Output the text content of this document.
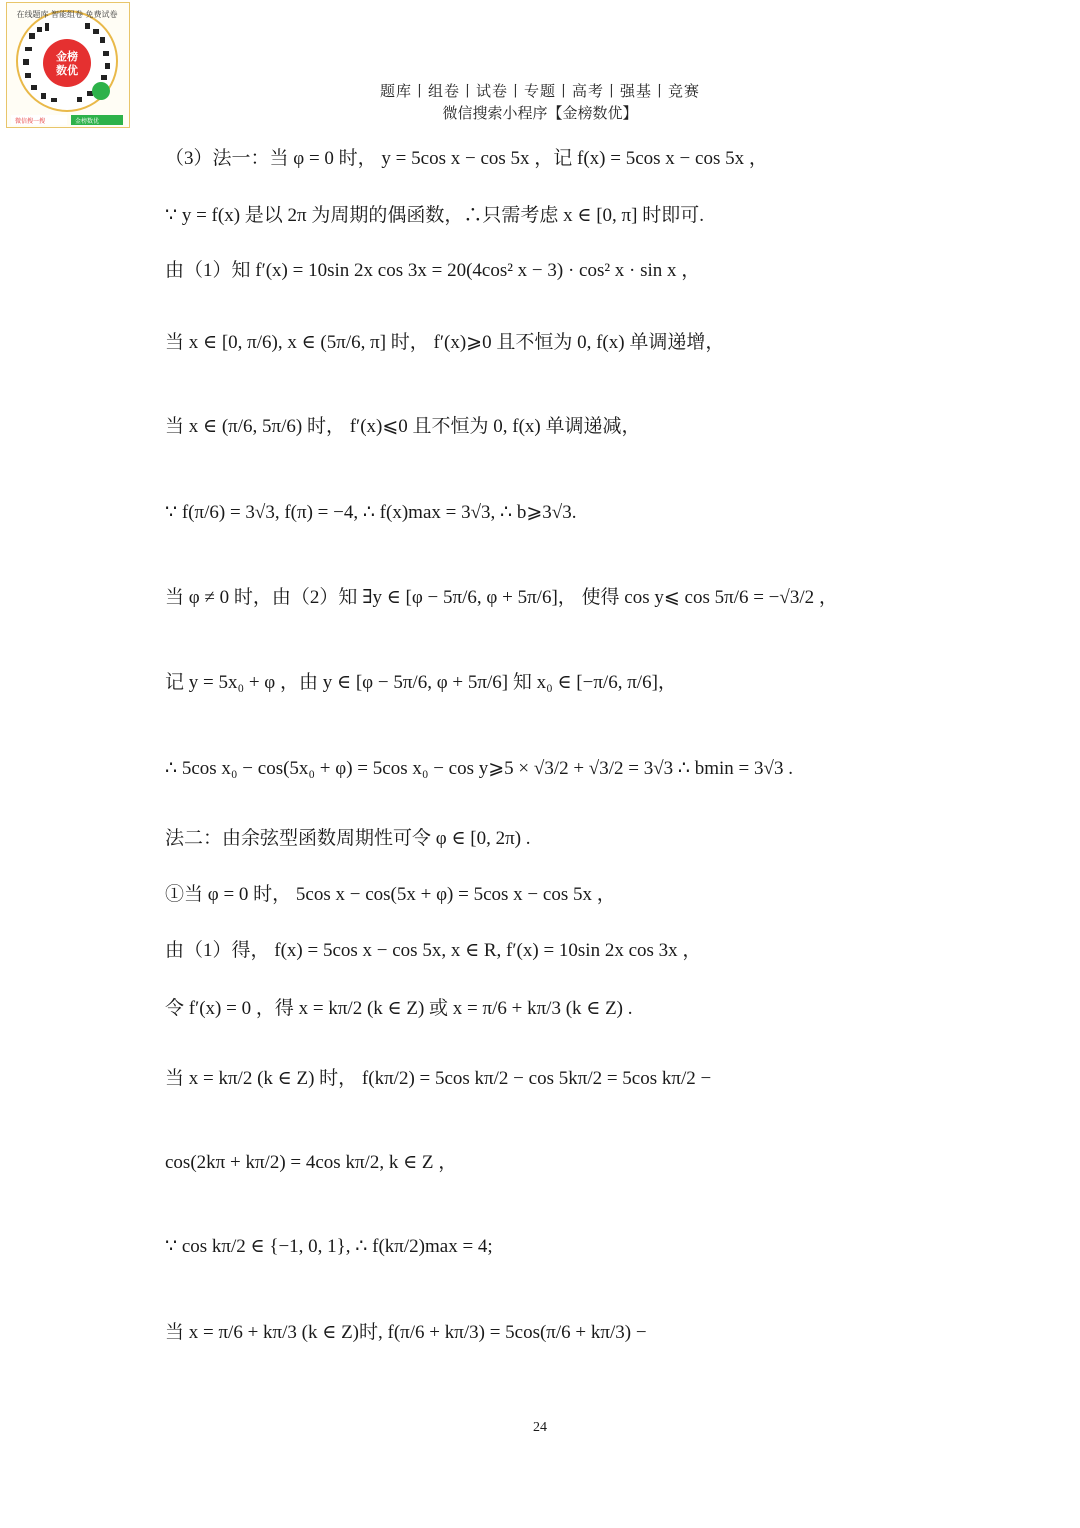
金榜
数优
在线题库 智能组卷 免费试卷
微信搜一搜	金榜数优
题库丨组卷丨试卷丨专题丨高考丨强基丨竞赛
微信搜索小程序【金榜数优】
（3）法一：当 φ = 0 时， y = 5cos x − cos 5x ，记 f(x) = 5cos x − cos 5x ，
∵ y = f(x) 是以 2π 为周期的偶函数，∴只需考虑 x ∈ [0, π] 时即可.
由（1）知 f′(x) = 10sin 2x cos 3x = 20(4cos² x − 3) · cos² x · sin x ，
当 x ∈ [0, π/6), x ∈ (5π/6, π] 时， f′(x)⩾0 且不恒为 0, f(x) 单调递增，
当 x ∈ (π/6, 5π/6) 时， f′(x)⩽0 且不恒为 0, f(x) 单调递减，
∵ f(π/6) = 3√3, f(π) = −4, ∴ f(x)max = 3√3, ∴ b⩾3√3.
当 φ ≠ 0 时，由（2）知 ∃y ∈ [φ − 5π/6, φ + 5π/6]， 使得 cos y⩽ cos 5π/6 = −√3/2 ，
记 y = 5x₀ + φ ，由 y ∈ [φ − 5π/6, φ + 5π/6] 知 x₀ ∈ [−π/6, π/6]，
∴ 5cos x₀ − cos(5x₀ + φ) = 5cos x₀ − cos y⩾5 × √3/2 + √3/2 = 3√3 ∴ bmin = 3√3 .
法二：由余弦型函数周期性可令 φ ∈ [0, 2π) .
①当 φ = 0 时， 5cos x − cos(5x + φ) = 5cos x − cos 5x ，
由（1）得， f(x) = 5cos x − cos 5x, x ∈ R, f′(x) = 10sin 2x cos 3x ，
令 f′(x) = 0 ，得 x = kπ/2 (k ∈ Z) 或 x = π/6 + kπ/3 (k ∈ Z) .
当 x = kπ/2 (k ∈ Z) 时， f(kπ/2) = 5cos kπ/2 − cos 5kπ/2 = 5cos kπ/2 −
cos(2kπ + kπ/2) = 4cos kπ/2, k ∈ Z ，
∵ cos kπ/2 ∈ {−1, 0, 1}, ∴ f(kπ/2)max = 4;
当 x = π/6 + kπ/3 (k ∈ Z)时, f(π/6 + kπ/3) = 5cos(π/6 + kπ/3) −
24
